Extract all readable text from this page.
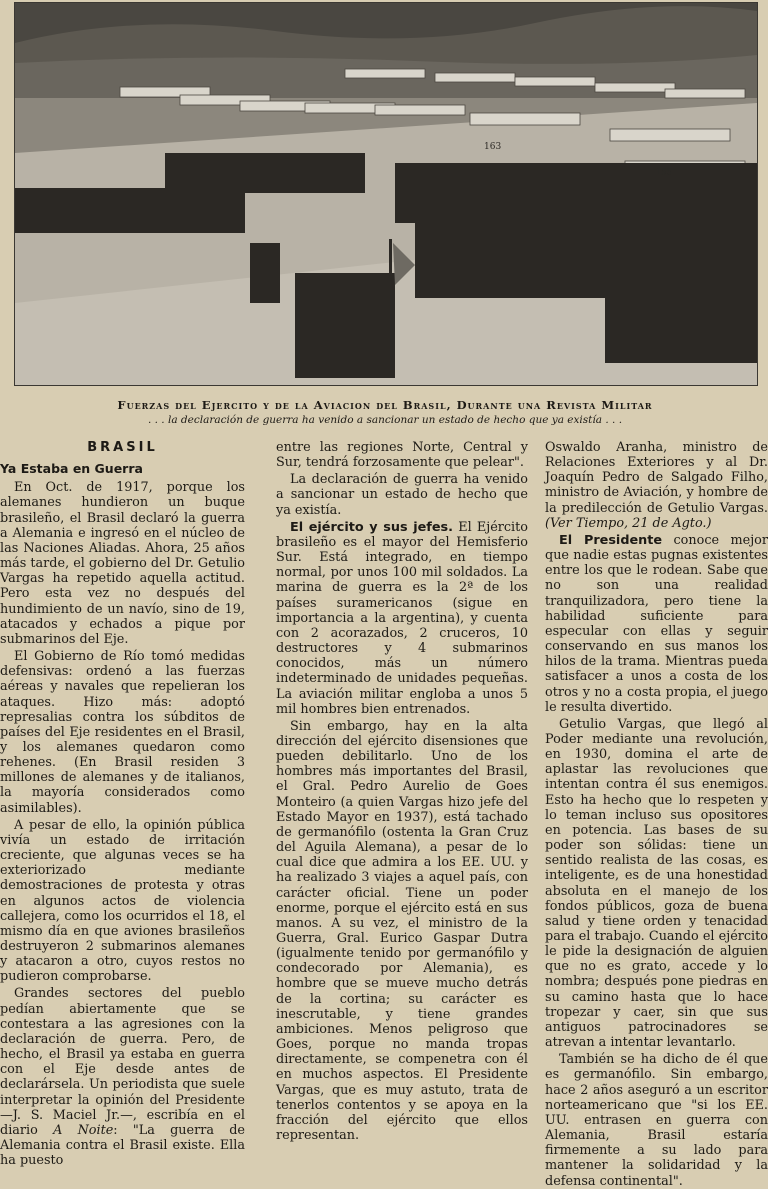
163
155
Fuerzas del Ejercito y de la Aviacion del Brasil, Durante una Revista Militar
. . . la declaración de guerra ha venido a sancionar un estado de hecho que ya existía . . .
BRASIL
Ya Estaba en Guerra

En Oct. de 1917, porque los alemanes hundieron un buque brasileño, el Brasil declaró la guerra a Alemania e ingresó en el núcleo de las Naciones Aliadas. Ahora, 25 años más tarde, el gobierno del Dr. Getulio Vargas ha repetido aquella actitud. Pero esta vez no después del hundimiento de un navío, sino de 19, atacados y echados a pique por submarinos del Eje.

El Gobierno de Río tomó medidas defensivas: ordenó a las fuerzas aéreas y navales que repelieran los ataques. Hizo más: adoptó represalias contra los súbditos de países del Eje residentes en el Brasil, y los alemanes quedaron como rehenes. (En Brasil residen 3 millones de alemanes y de italianos, la mayoría considerados como asimilables).

A pesar de ello, la opinión pública vivía un estado de irritación creciente, que algunas veces se ha exteriorizado mediante demostraciones de protesta y otras en algunos actos de violencia callejera, como los ocurridos el 18, el mismo día en que aviones brasileños destruyeron 2 submarinos alemanes y atacaron a otro, cuyos restos no pudieron comprobarse.

Grandes sectores del pueblo pedían abiertamente que se contestara a las agresiones con la declaración de guerra. Pero, de hecho, el Brasil ya estaba en guerra con el Eje desde antes de declarársela. Un periodista que suele interpretar la opinión del Presidente —J. S. Maciel Jr.—, escribía en el diario A Noite: "La guerra de Alemania contra el Brasil existe. Ella ha puesto

entre las regiones Norte, Central y Sur, tendrá forzosamente que pelear".

La declaración de guerra ha venido a sancionar un estado de hecho que ya existía.

El ejército y sus jefes. El Ejército brasileño es el mayor del Hemisferio Sur. Está integrado, en tiempo normal, por unos 100 mil soldados. La marina de guerra es la 2ª de los países suramericanos (sigue en importancia a la argentina), y cuenta con 2 acorazados, 2 cruceros, 10 destructores y 4 submarinos conocidos, más un número indeterminado de unidades pequeñas. La aviación militar engloba a unos 5 mil hombres bien entrenados.

Sin embargo, hay en la alta dirección del ejército disensiones que pueden debilitarlo. Uno de los hombres más importantes del Brasil, el Gral. Pedro Aurelio de Goes Monteiro (a quien Vargas hizo jefe del Estado Mayor en 1937), está tachado de germanófilo (ostenta la Gran Cruz del Aguila Alemana), a pesar de lo cual dice que admira a los EE. UU. y ha realizado 3 viajes a aquel país, con carácter oficial. Tiene un poder enorme, porque el ejército está en sus manos. A su vez, el ministro de la Guerra, Gral. Eurico Gaspar Dutra (igualmente tenido por germanófilo y condecorado por Alemania), es hombre que se mueve mucho detrás de la cortina; su carácter es inescrutable, y tiene grandes ambiciones. Menos peligroso que Goes, porque no manda tropas directamente, se compenetra con él en muchos aspectos. El Presidente Vargas, que es muy astuto, trata de tenerlos contentos y se apoya en la fracción del ejército que ellos representan.

Oswaldo Aranha, ministro de Relaciones Exteriores y al Dr. Joaquín Pedro de Salgado Filho, ministro de Aviación, y hombre de la predilección de Getulio Vargas. (Ver Tiempo, 21 de Agto.)

El Presidente conoce mejor que nadie estas pugnas existentes entre los que le rodean. Sabe que no son una realidad tranquilizadora, pero tiene la habilidad suficiente para especular con ellas y seguir conservando en sus manos los hilos de la trama. Mientras pueda satisfacer a unos a costa de los otros y no a costa propia, el juego le resulta divertido.

Getulio Vargas, que llegó al Poder mediante una revolución, en 1930, domina el arte de aplastar las revoluciones que intentan contra él sus enemigos. Esto ha hecho que lo respeten y lo teman incluso sus opositores en potencia. Las bases de su poder son sólidas: tiene un sentido realista de las cosas, es inteligente, es de una honestidad absoluta en el manejo de los fondos públicos, goza de buena salud y tiene orden y tenacidad para el trabajo. Cuando el ejército le pide la designación de alguien que no es grato, accede y lo nombra; después pone piedras en su camino hasta que lo hace tropezar y caer, sin que sus antiguos patrocinadores se atrevan a intentar levantarlo.

También se ha dicho de él que es germanófilo. Sin embargo, hace 2 años aseguró a un escritor norteamericano que "si los EE. UU. entrasen en guerra con Alemania, Brasil estaría firmemente a su lado para mantener la solidaridad y la defensa continental".
